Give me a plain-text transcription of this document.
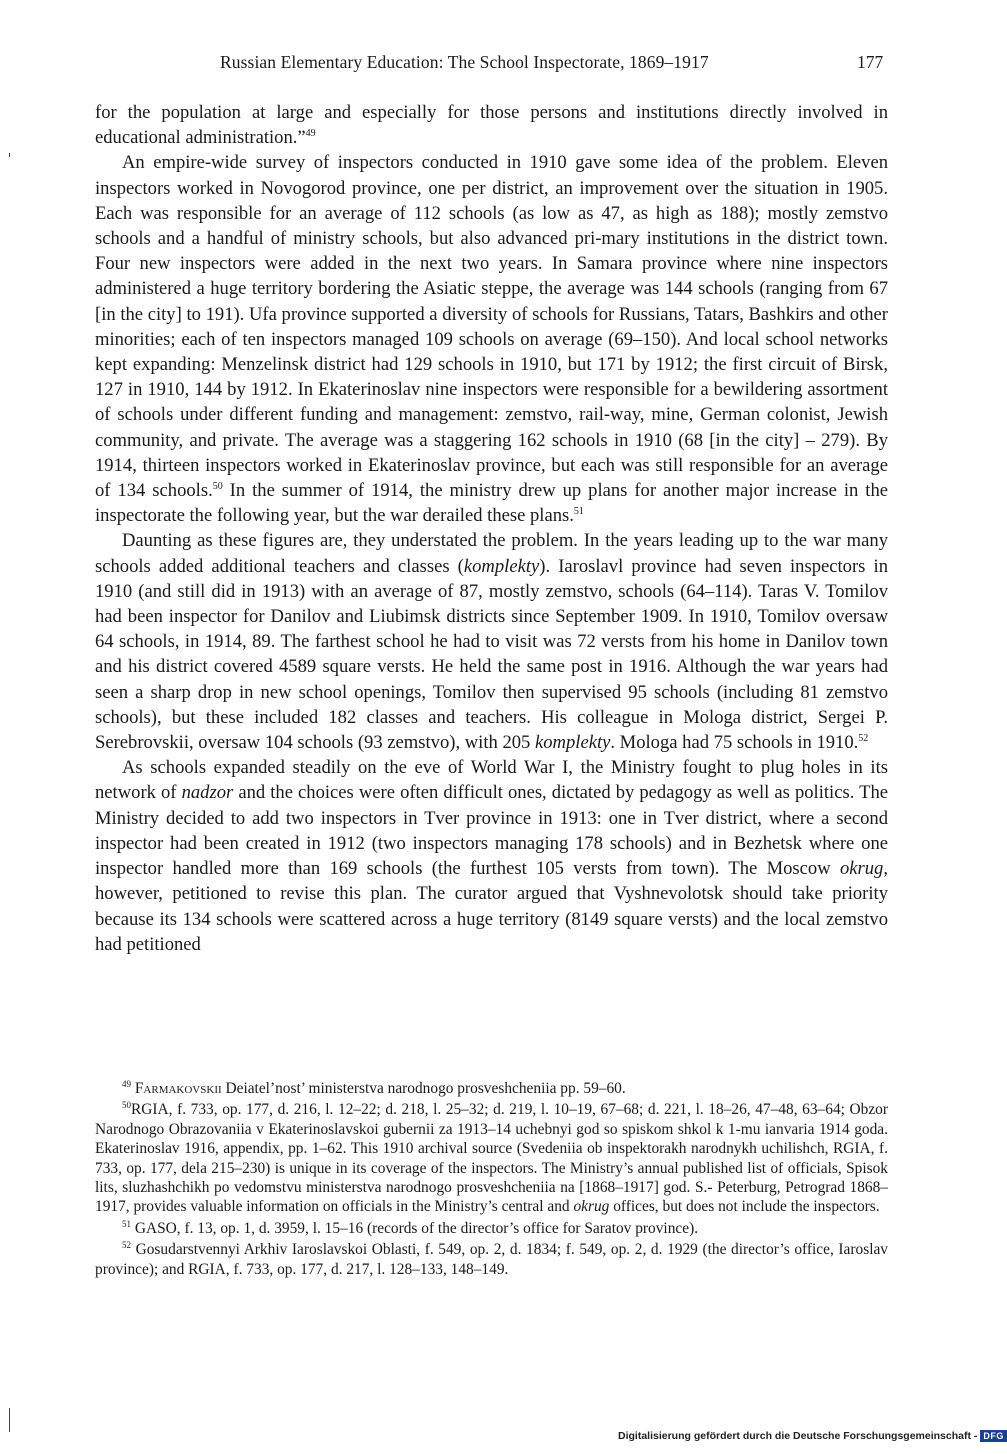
Russian Elementary Education: The School Inspectorate, 1869–1917	177

for the population at large and especially for those persons and institutions directly involved in educational administration.”$^{49}$

An empire-wide survey of inspectors conducted in 1910 gave some idea of the problem. Eleven inspectors worked in Novogorod province, one per district, an improvement over the situation in 1905. Each was responsible for an average of 112 schools (as low as 47, as high as 188); mostly zemstvo schools and a handful of ministry schools, but also advanced pri-mary institutions in the district town. Four new inspectors were added in the next two years. In Samara province where nine inspectors administered a huge territory bordering the Asiatic steppe, the average was 144 schools (ranging from 67 [in the city] to 191). Ufa province supported a diversity of schools for Russians, Tatars, Bashkirs and other minorities; each of ten inspectors managed 109 schools on average (69–150). And local school networks kept expanding: Menzelinsk district had 129 schools in 1910, but 171 by 1912; the first circuit of Birsk, 127 in 1910, 144 by 1912. In Ekaterinoslav nine inspectors were responsible for a bewildering assortment of schools under different funding and management: zemstvo, rail-way, mine, German colonist, Jewish community, and private. The average was a staggering 162 schools in 1910 (68 [in the city] – 279). By 1914, thirteen inspectors worked in Ekaterinoslav province, but each was still responsible for an average of 134 schools.$^{50}$ In the summer of 1914, the ministry drew up plans for another major increase in the inspectorate the following year, but the war derailed these plans.$^{51}$

Daunting as these figures are, they understated the problem. In the years leading up to the war many schools added additional teachers and classes (komplekty). Iaroslavl province had seven inspectors in 1910 (and still did in 1913) with an average of 87, mostly zemstvo, schools (64–114). Taras V. Tomilov had been inspector for Danilov and Liubimsk districts since September 1909. In 1910, Tomilov oversaw 64 schools, in 1914, 89. The farthest school he had to visit was 72 versts from his home in Danilov town and his district covered 4589 square versts. He held the same post in 1916. Although the war years had seen a sharp drop in new school openings, Tomilov then supervised 95 schools (including 81 zemstvo schools), but these included 182 classes and teachers. His colleague in Mologa district, Sergei P. Serebrovskii, oversaw 104 schools (93 zemstvo), with 205 komplekty. Mologa had 75 schools in 1910.52

As schools expanded steadily on the eve of World War I, the Ministry fought to plug holes in its network of nadzor and the choices were often difficult ones, dictated by pedagogy as well as politics. The Ministry decided to add two inspectors in Tver province in 1913: one in Tver district, where a second inspector had been created in 1912 (two inspectors managing 178 schools) and in Bezhetsk where one inspector handled more than 169 schools (the furthest 105 versts from town). The Moscow okrug, however, petitioned to revise this plan. The curator argued that Vyshnevolotsk should take priority because its 134 schools were scattered across a huge territory (8149 square versts) and the local zemstvo had petitioned

$^{49}$ Farmakovskii Deiatel’nost’ ministerstva narodnogo prosveshcheniia pp. 59–60.

$^{50}$RGIA, f. 733, op. 177, d. 216, l. 12–22; d. 218, l. 25–32; d. 219, l. 10–19, 67–68; d. 221, l. 18–26, 47–48, 63–64; Obzor Narodnogo Obrazovaniia v Ekaterinoslavskoi gubernii za 1913–14 uchebnyi god so spiskom shkol k 1-mu ianvaria 1914 goda. Ekaterinoslav 1916, appendix, pp. 1–62. This 1910 archival source (Svedeniia ob inspektorakh narodnykh uchilishch, RGIA, f. 733, op. 177, dela 215–230) is unique in its coverage of the inspectors. The Ministry’s annual published list of officials, Spisok lits, sluzhashchikh po vedomstvu ministerstva narodnogo prosveshcheniia na [1868–1917] god. S.- Peterburg, Petrograd 1868–1917, provides valuable information on officials in the Ministry’s central and okrug offices, but does not include the inspectors.

$^{51}$ GASO, f. 13, op. 1, d. 3959, l. 15–16 (records of the director’s office for Saratov province).

$^{52}$ Gosudarstvennyi Arkhiv Iaroslavskoi Oblasti, f. 549, op. 2, d. 1834; f. 549, op. 2, d. 1929 (the director’s office, Iaroslav province); and RGIA, f. 733, op. 177, d. 217, l. 128–133, 148–149.

Digitalisierung gefördert durch die Deutsche Forschungsgemeinschaft - DFG
